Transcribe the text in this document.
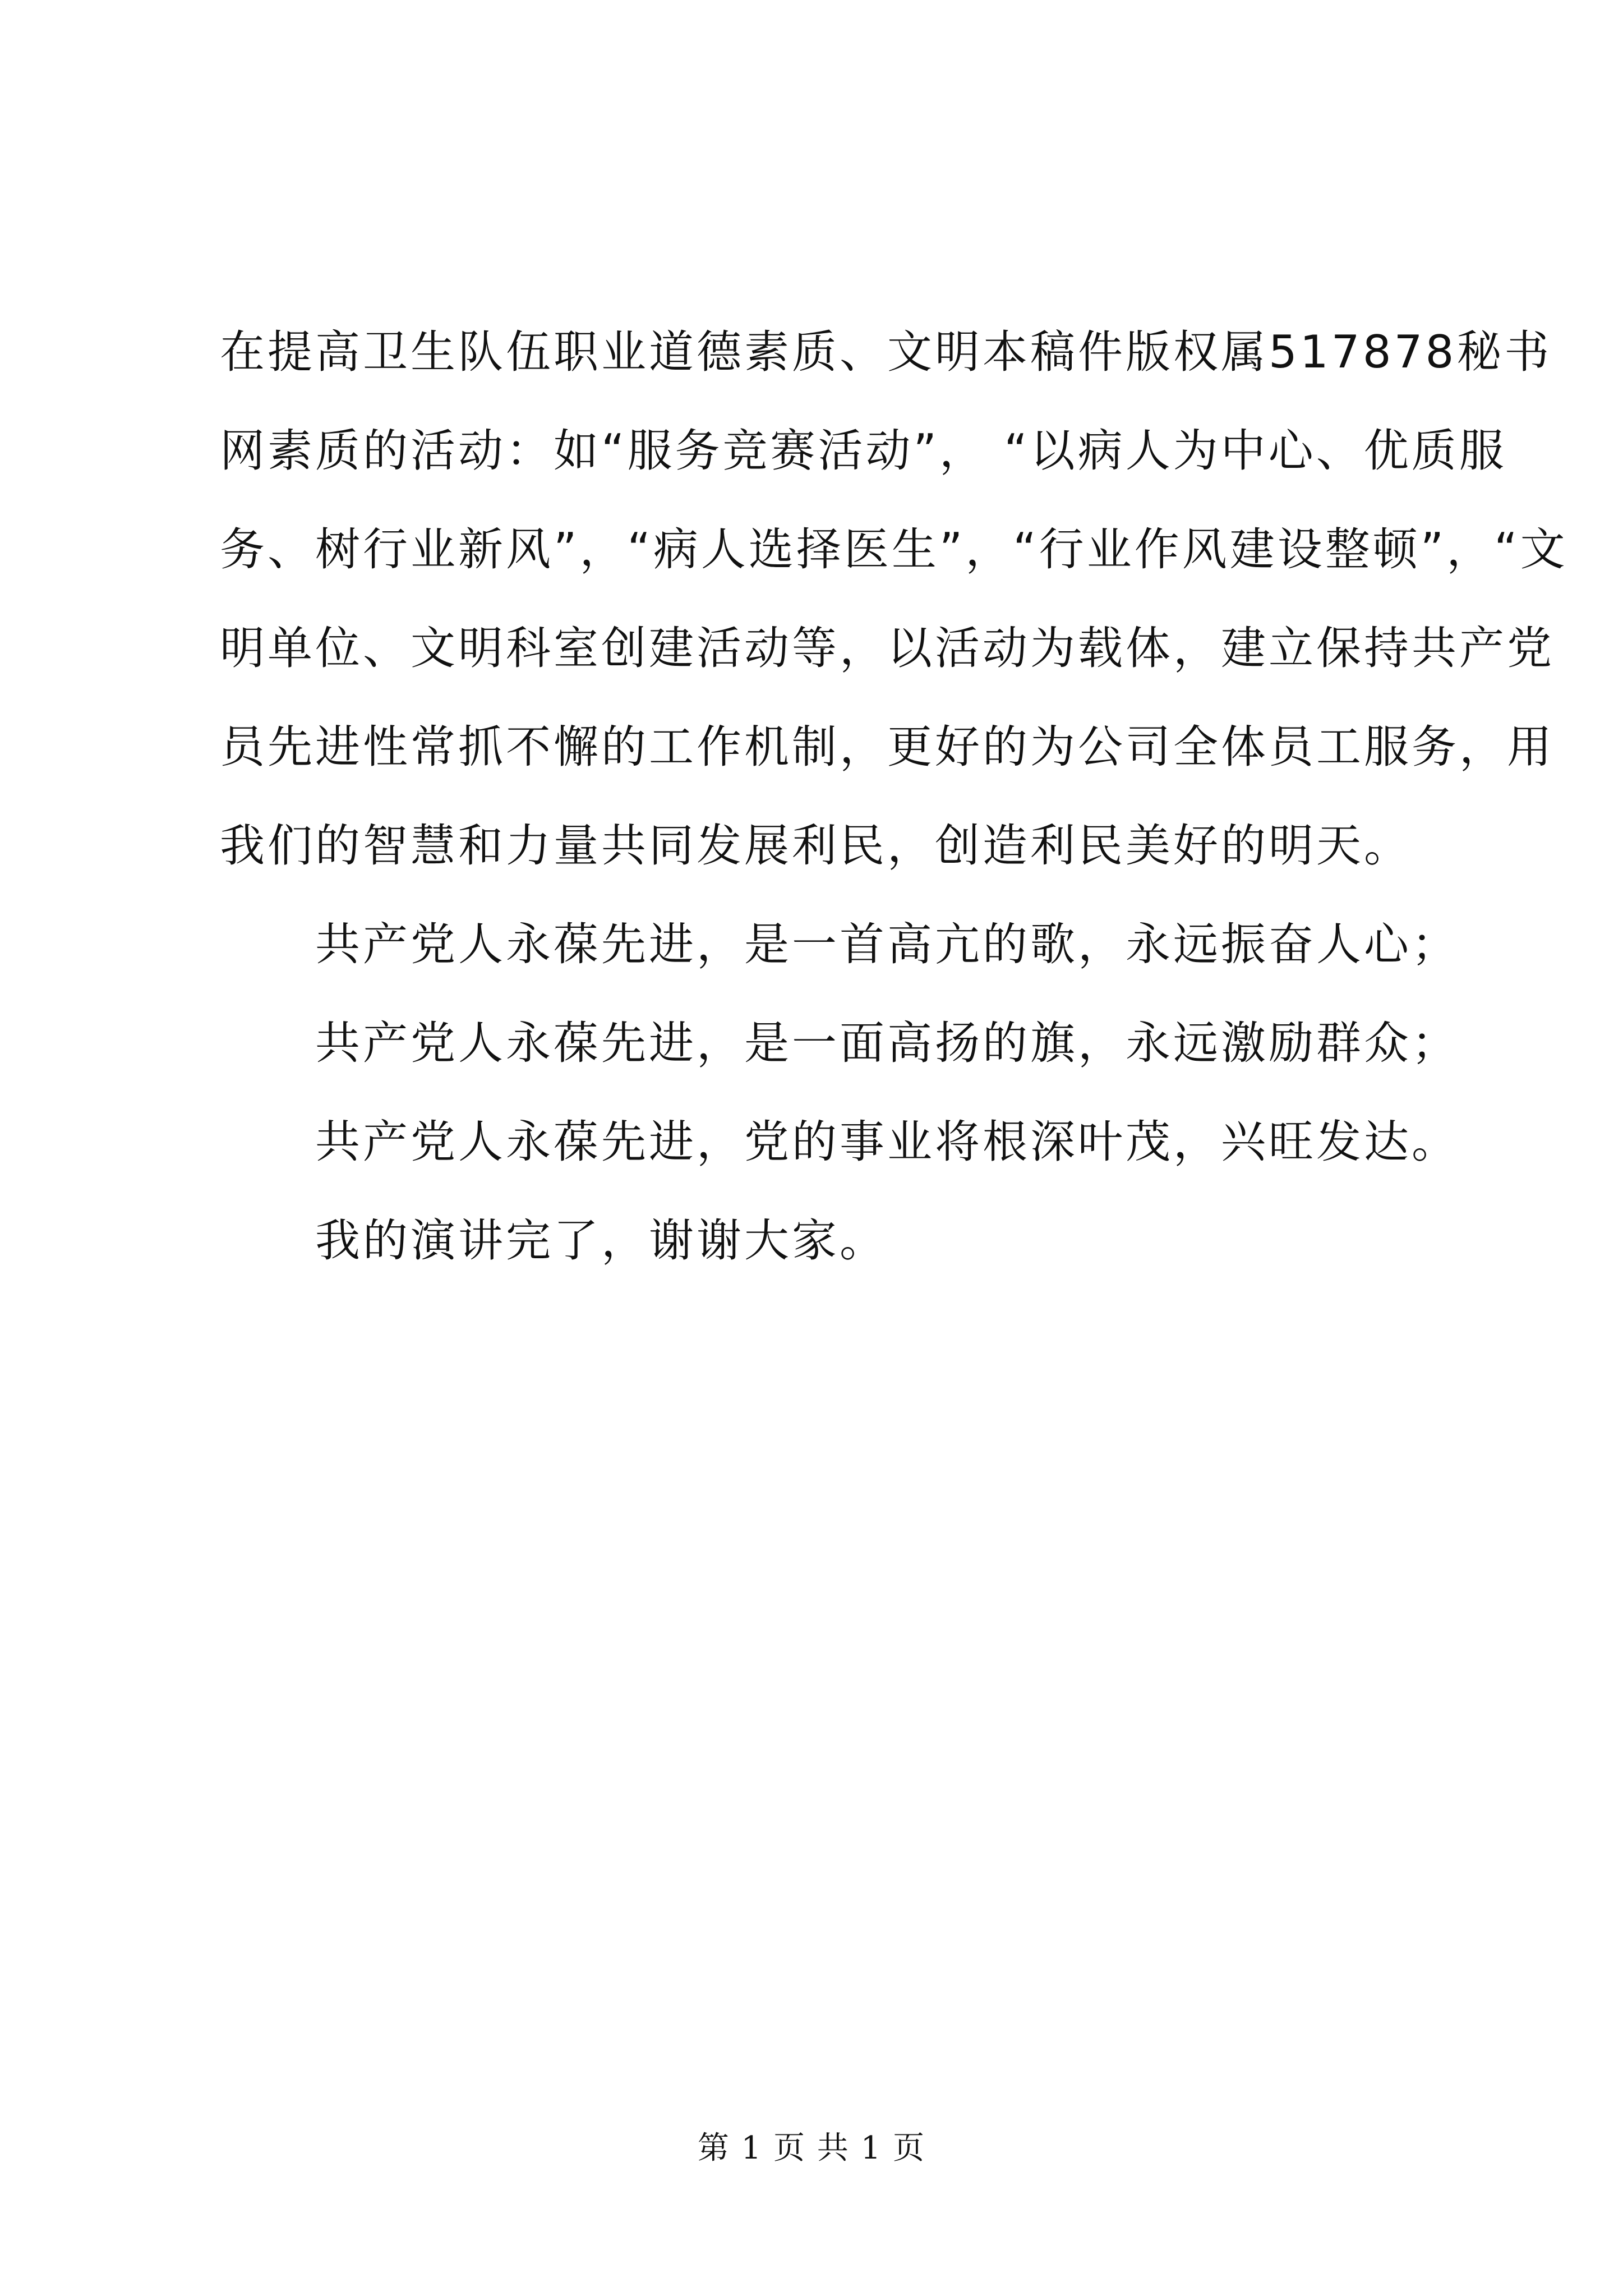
在提高卫生队伍职业道德素质、文明本稿件版权属517878秘书
网素质的活动：如“服务竞赛活动”， “以病人为中心、优质服
务、树行业新风”，“病人选择医生”，“行业作风建设整顿”，“文
明单位、文明科室创建活动等，以活动为载体，建立保持共产党
员先进性常抓不懈的工作机制，更好的为公司全体员工服务，用
我们的智慧和力量共同发展利民，创造利民美好的明天。
共产党人永葆先进，是一首高亢的歌，永远振奋人心；
共产党人永葆先进，是一面高扬的旗，永远激励群众；
共产党人永葆先进，党的事业将根深叶茂，兴旺发达。
我的演讲完了，谢谢大家。
第 1 页 共 1 页
